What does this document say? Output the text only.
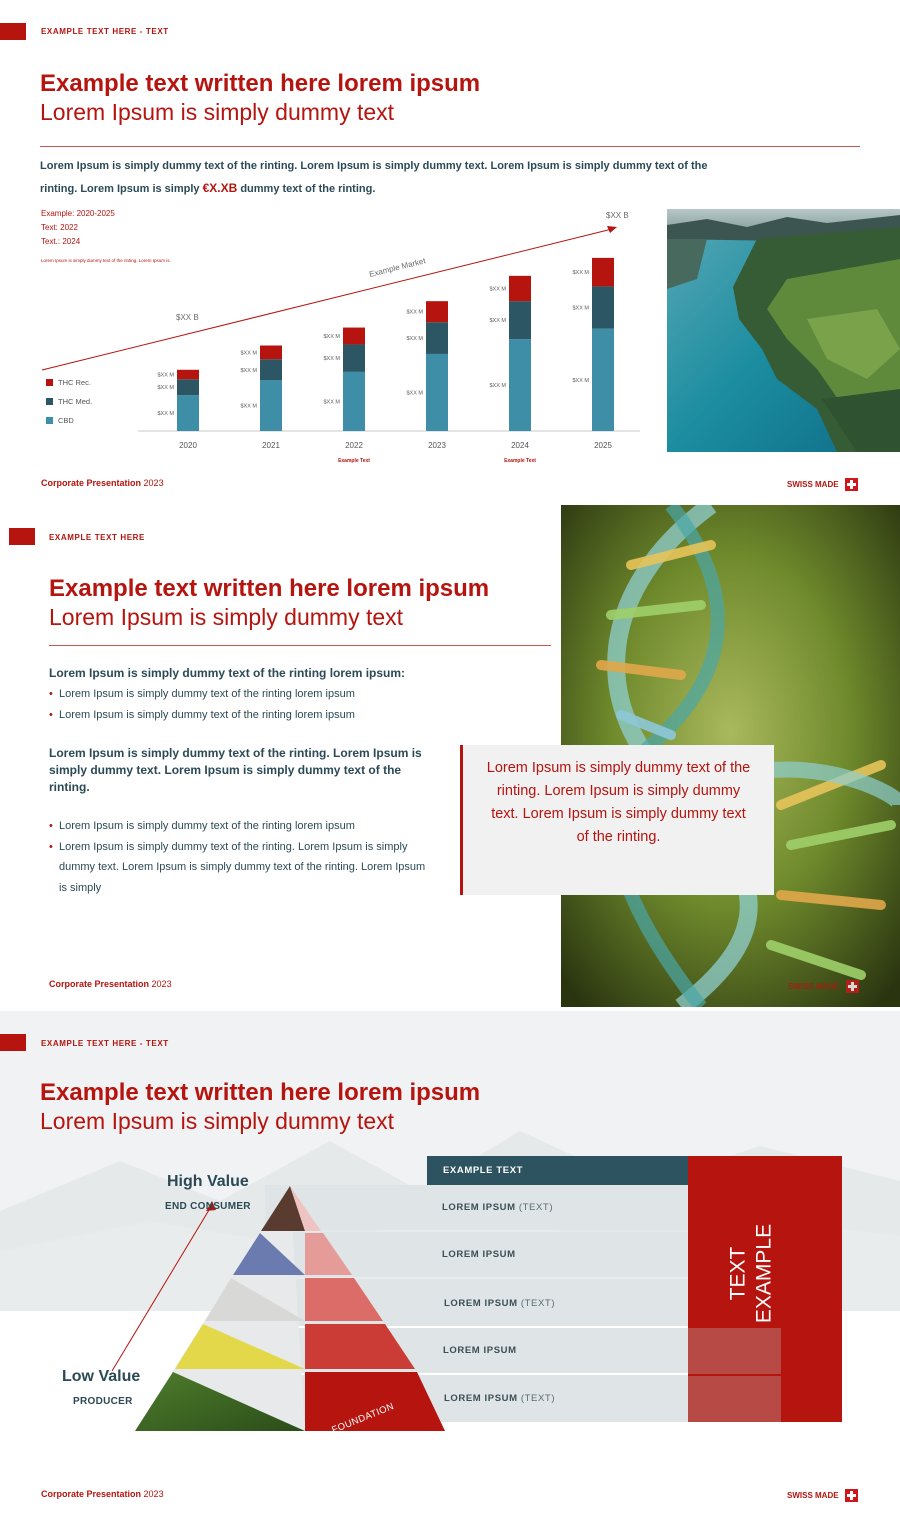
EXAMPLE TEXT HERE - TEXT
Example text written here lorem ipsum
Lorem Ipsum is simply dummy text
Lorem Ipsum is simply dummy text of the rinting. Lorem Ipsum is simply dummy text. Lorem Ipsum is simply dummy text of the rinting. Lorem Ipsum is simply €X.XB dummy text of the rinting.
Example: 2020-2025
Text: 2022
Text.: 2024
Lorem Ipsum is simply dummy text of the rinting. Lorem Ipsum is.	Example Market
$XX B
$XX B
$XX M
$XX M
$XX M
2020
$XX M
$XX M
$XX M
2021
$XX M
$XX M
$XX M
2022
$XX M
$XX M
$XX M
2023
$XX M
$XX M
$XX M
2024
$XX M
$XX M
$XX M
2025
Example Text	Example Text
THC Rec.
THC Med.
CBD
Corporate Presentation 2023	SWISS MADE
EXAMPLE TEXT HERE
Example text written here lorem ipsum
Lorem Ipsum is simply dummy text
Lorem Ipsum is simply dummy text of the rinting lorem ipsum:
• Lorem Ipsum is simply dummy text of the rinting lorem ipsum
• Lorem Ipsum is simply dummy text of the rinting lorem ipsum
Lorem Ipsum is simply dummy text of the rinting. Lorem Ipsum is simply dummy text. Lorem Ipsum is simply dummy text of the rinting.
• Lorem Ipsum is simply dummy text of the rinting lorem ipsum
• Lorem Ipsum is simply dummy text of the rinting. Lorem Ipsum is simply dummy text. Lorem Ipsum is simply dummy text of the rinting. Lorem Ipsum is simply
Lorem Ipsum is simply dummy text of the rinting. Lorem Ipsum is simply dummy text. Lorem Ipsum is simply dummy text of the rinting.
Corporate Presentation 2023	SWISS MADE
EXAMPLE TEXT HERE - TEXT
Example text written here lorem ipsum
Lorem Ipsum is simply dummy text
EXAMPLE TEXT
LOREM IPSUM (TEXT)
LOREM IPSUM
LOREM IPSUM (TEXT)
LOREM IPSUM
LOREM IPSUM (TEXT)
TEXT EXAMPLE
FOUNDATION
High Value
END CONSUMER
Low Value
PRODUCER
Corporate Presentation 2023	SWISS MADE
